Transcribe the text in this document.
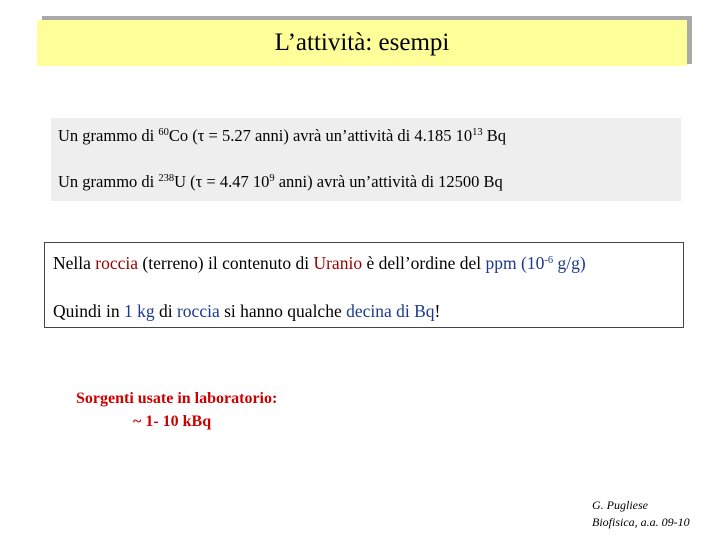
L’attività: esempi
Un grammo di $^{60}$Co (τ = 5.27 anni) avrà un’attività di 4.185 $10^{13}$ Bq
Un grammo di $^{238}$U (τ = 4.47 $10^9$ anni) avrà un’attività di 12500 Bq
Nella roccia (terreno) il contenuto di Uranio è dell’ordine del ppm ($10^{-6}$ g/g)
Quindi in 1 kg di roccia si hanno qualche decina di Bq!
Sorgenti usate in laboratorio:
~ 1- 10 kBq
G. Pugliese
Biofisica, a.a. 09-10
